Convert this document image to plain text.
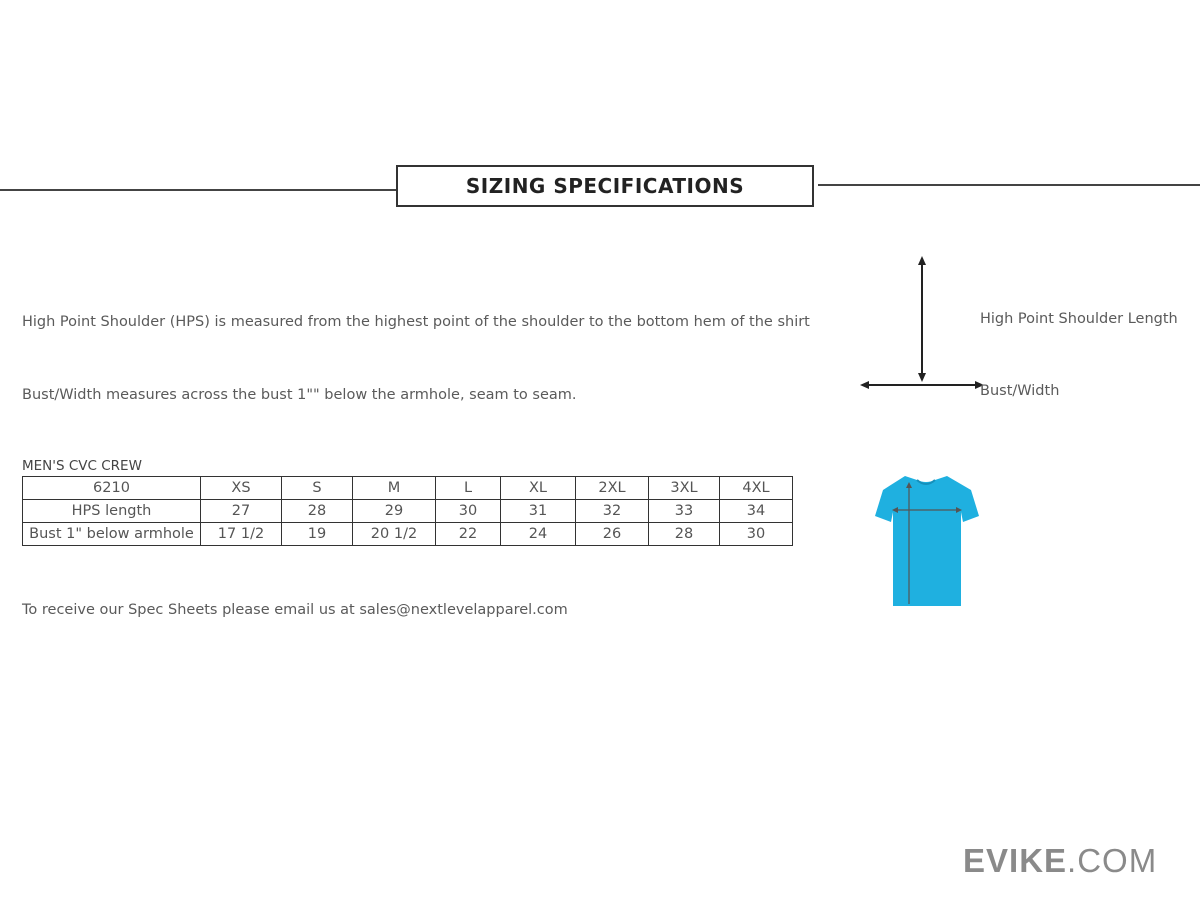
SIZING SPECIFICATIONS
High Point Shoulder (HPS) is measured from the highest point of the shoulder to the bottom hem of the shirt
Bust/Width measures across the bust 1"" below the armhole, seam to seam.
High Point Shoulder Length
Bust/Width
MEN'S CVC CREW
6210	XS	S	M	L	XL	2XL	3XL	4XL
HPS length	27	28	29	30	31	32	33	34
Bust 1" below armhole	17 1/2	19	20 1/2	22	24	26	28	30
To receive our Spec Sheets please email us at sales@nextlevelapparel.com
EVIKE.COM
